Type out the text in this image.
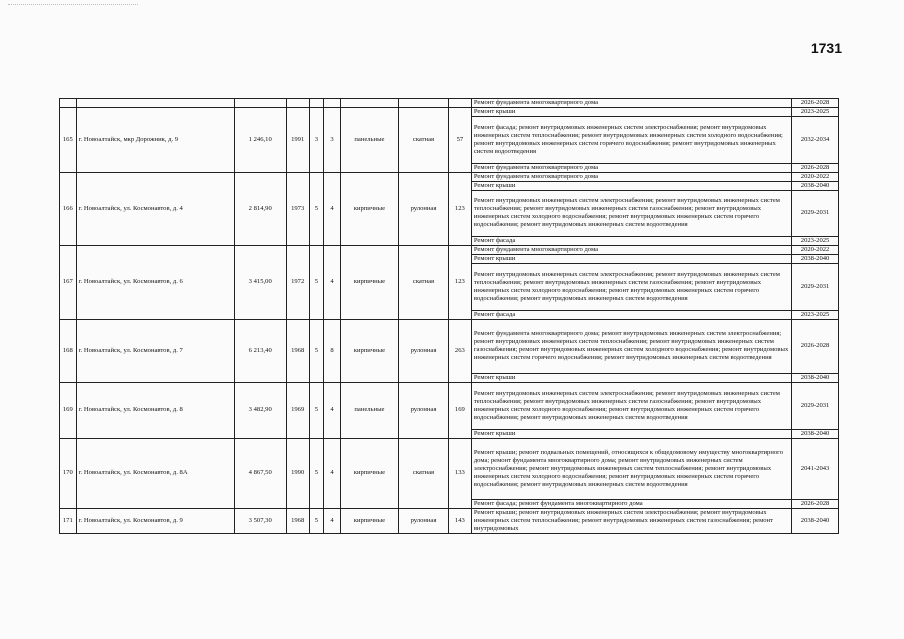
1731
									Ремонт фундамента многоквартирного дома	2026-2028
165	г. Новоалтайск, мкр Дорожник, д. 9	1 246,10	1991	3	3	панельные	скатная	57	Ремонт крыши	2023-2025
									Ремонт фасада; ремонт внутридомовых инженерных систем электроснабжения; ремонт внутридомовых инженерных систем теплоснабжения; ремонт внутридомовых инженерных систем холодного водоснабжения; ремонт внутридомовых инженерных систем горячего водоснабжения; ремонт внутридомовых инженерных систем водоотведения	2032-2034
									Ремонт фундамента многоквартирного дома	2026-2028
166	г. Новоалтайск, ул. Космонавтов, д. 4	2 814,90	1973	5	4	кирпичные	рулонная	123	Ремонт фундамента многоквартирного дома	2020-2022
									Ремонт крыши	2038-2040
									Ремонт внутридомовых инженерных систем электроснабжения; ремонт внутридомовых инженерных систем теплоснабжения; ремонт внутридомовых инженерных систем газоснабжения; ремонт внутридомовых инженерных систем холодного водоснабжения; ремонт внутридомовых инженерных систем горячего водоснабжения; ремонт внутридомовых инженерных систем водоотведения	2029-2031
									Ремонт фасада	2023-2025
167	г. Новоалтайск, ул. Космонавтов, д. 6	3 415,00	1972	5	4	кирпичные	скатная	123	Ремонт фундамента многоквартирного дома	2020-2022
									Ремонт крыши	2038-2040
									Ремонт внутридомовых инженерных систем электроснабжения; ремонт внутридомовых инженерных систем теплоснабжения; ремонт внутридомовых инженерных систем газоснабжения; ремонт внутридомовых инженерных систем холодного водоснабжения; ремонт внутридомовых инженерных систем горячего водоснабжения; ремонт внутридомовых инженерных систем водоотведения	2029-2031
									Ремонт фасада	2023-2025
168	г. Новоалтайск, ул. Космонавтов, д. 7	6 213,40	1968	5	8	кирпичные	рулонная	263	Ремонт фундамента многоквартирного дома; ремонт внутридомовых инженерных систем электроснабжения; ремонт внутридомовых инженерных систем теплоснабжения; ремонт внутридомовых инженерных систем газоснабжения; ремонт внутридомовых инженерных систем холодного водоснабжения; ремонт внутридомовых инженерных систем горячего водоснабжения; ремонт внутридомовых инженерных систем водоотведения	2026-2028
									Ремонт крыши	2038-2040
169	г. Новоалтайск, ул. Космонавтов, д. 8	3 482,90	1969	5	4	панельные	рулонная	169	Ремонт внутридомовых инженерных систем электроснабжения; ремонт внутридомовых инженерных систем теплоснабжения; ремонт внутридомовых инженерных систем газоснабжения; ремонт внутридомовых инженерных систем холодного водоснабжения; ремонт внутридомовых инженерных систем горячего водоснабжения; ремонт внутридомовых инженерных систем водоотведения	2029-2031
									Ремонт крыши	2038-2040
170	г. Новоалтайск, ул. Космонавтов, д. 8А	4 867,50	1990	5	4	кирпичные	скатная	133	Ремонт крыши; ремонт подвальных помещений, относящихся к общедомовому имуществу многоквартирного дома; ремонт фундамента многоквартирного дома; ремонт внутридомовых инженерных систем электроснабжения; ремонт внутридомовых инженерных систем теплоснабжения; ремонт внутридомовых инженерных систем холодного водоснабжения; ремонт внутридомовых инженерных систем горячего водоснабжения; ремонт внутридомовых инженерных систем водоотведения	2041-2043
									Ремонт фасада; ремонт фундамента многоквартирного дома	2026-2028
171	г. Новоалтайск, ул. Космонавтов, д. 9	3 507,30	1968	5	4	кирпичные	рулонная	143	Ремонт крыши; ремонт внутридомовых инженерных систем электроснабжения; ремонт внутридомовых инженерных систем теплоснабжения; ремонт внутридомовых инженерных систем газоснабжения; ремонт внутридомовых	2038-2040
